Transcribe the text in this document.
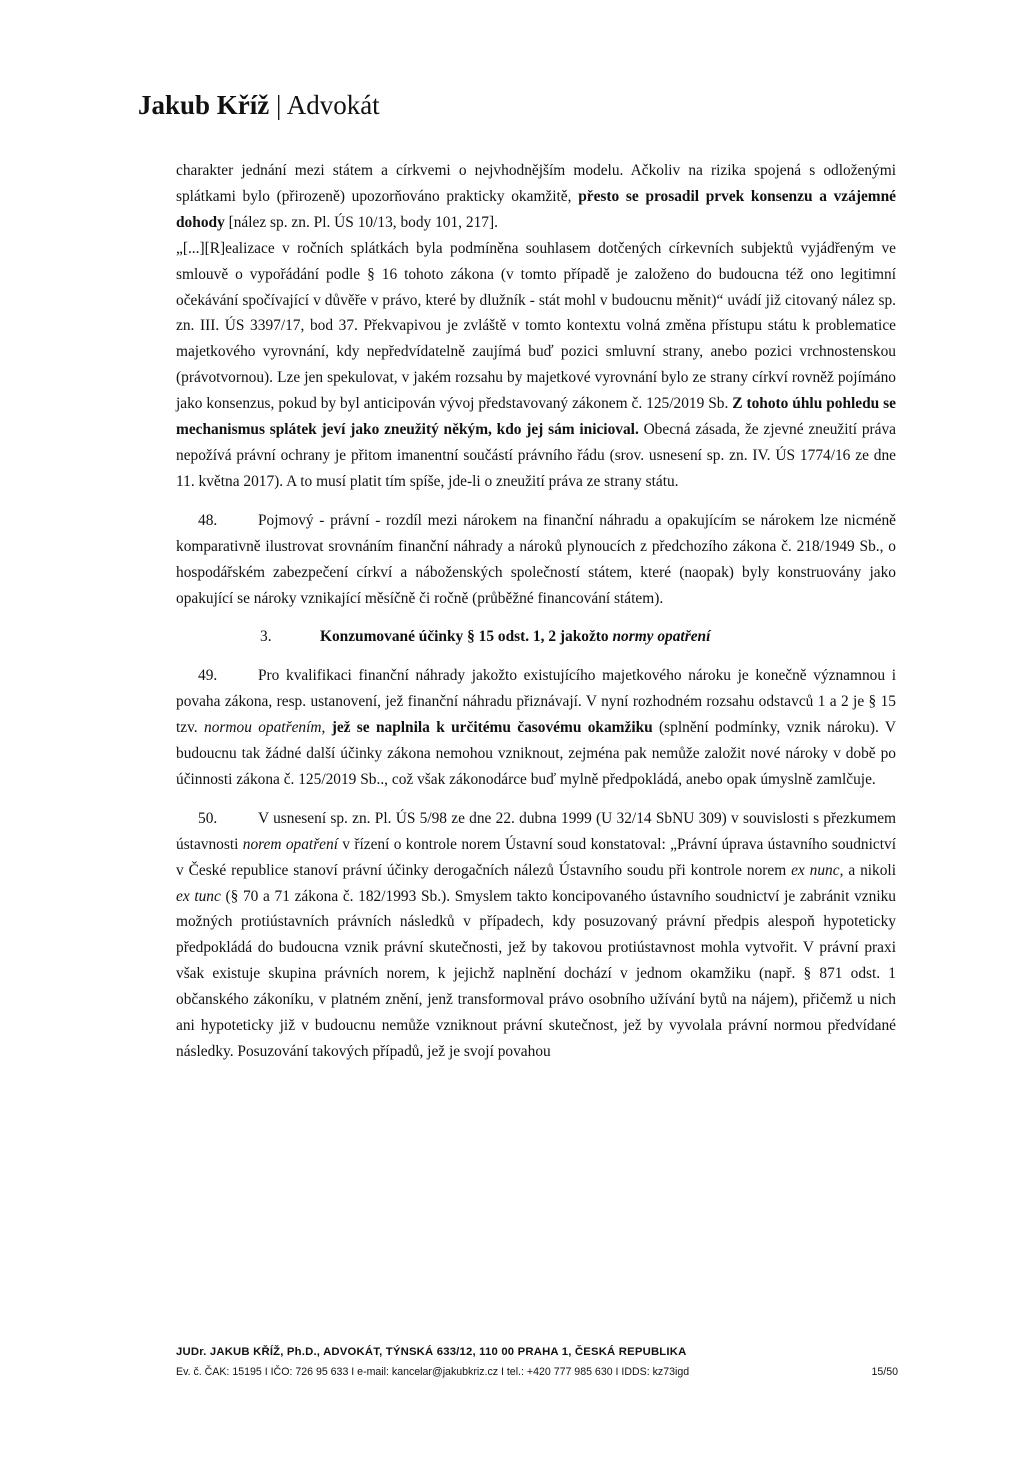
Jakub Kříž | Advokát

charakter jednání mezi státem a církvemi o nejvhodnějším modelu. Ačkoliv na rizika spojená s odloženými splátkami bylo (přirozeně) upozorňováno prakticky okamžitě, přesto se prosadil prvek konsenzu a vzájemné dohody [nález sp. zn. Pl. ÚS 10/13, body 101, 217].

„[...][R]ealizace v ročních splátkách byla podmíněna souhlasem dotčených církevních subjektů vyjádřeným ve smlouvě o vypořádání podle § 16 tohoto zákona (v tomto případě je založeno do budoucna též ono legitimní očekávání spočívající v důvěře v právo, které by dlužník - stát mohl v budoucnu měnit)“ uvádí již citovaný nález sp. zn. III. ÚS 3397/17, bod 37. Překvapivou je zvláště v tomto kontextu volná změna přístupu státu k problematice majetkového vyrovnání, kdy nepředvídatelně zaujímá buď pozici smluvní strany, anebo pozici vrchnostenskou (právotvornou). Lze jen spekulovat, v jakém rozsahu by majetkové vyrovnání bylo ze strany církví rovněž pojímáno jako konsenzus, pokud by byl anticipován vývoj představovaný zákonem č. 125/2019 Sb. Z tohoto úhlu pohledu se mechanismus splátek jeví jako zneužitý někým, kdo jej sám inicioval. Obecná zásada, že zjevné zneužití práva nepožívá právní ochrany je přitom imanentní součástí právního řádu (srov. usnesení sp. zn. IV. ÚS 1774/16 ze dne 11. května 2017). A to musí platit tím spíše, jde-li o zneužití práva ze strany státu.

48.	Pojmový - právní - rozdíl mezi nárokem na finanční náhradu a opakujícím se nárokem lze nicméně komparativně ilustrovat srovnáním finanční náhrady a nároků plynoucích z předchozího zákona č. 218/1949 Sb., o hospodářském zabezpečení církví a náboženských společností státem, které (naopak) byly konstruovány jako opakující se nároky vznikající měsíčně či ročně (průběžné financování státem).

3.	Konzumované účinky § 15 odst. 1, 2 jakožto normy opatření

49.	Pro kvalifikaci finanční náhrady jakožto existujícího majetkového nároku je konečně významnou i povaha zákona, resp. ustanovení, jež finanční náhradu přiznávají. V nyní rozhodném rozsahu odstavců 1 a 2 je § 15 tzv. normou opatřením, jež se naplnila k určitému časovému okamžiku (splnění podmínky, vznik nároku). V budoucnu tak žádné další účinky zákona nemohou vzniknout, zejména pak nemůže založit nové nároky v době po účinnosti zákona č. 125/2019 Sb.., což však zákonodárce buď mylně předpokládá, anebo opak úmyslně zamlčuje.

50.	V usnesení sp. zn. Pl. ÚS 5/98 ze dne 22. dubna 1999 (U 32/14 SbNU 309) v souvislosti s přezkumem ústavnosti norem opatření v řízení o kontrole norem Ústavní soud konstatoval: „Právní úprava ústavního soudnictví v České republice stanoví právní účinky derogačních nálezů Ústavního soudu při kontrole norem ex nunc, a nikoli ex tunc (§ 70 a 71 zákona č. 182/1993 Sb.). Smyslem takto koncipovaného ústavního soudnictví je zabránit vzniku možných protiústavních právních následků v případech, kdy posuzovaný právní předpis alespoň hypoteticky předpokládá do budoucna vznik právní skutečnosti, jež by takovou protiústavnost mohla vytvořit. V právní praxi však existuje skupina právních norem, k jejichž naplnění dochází v jednom okamžiku (např. § 871 odst. 1 občanského zákoníku, v platném znění, jenž transformoval právo osobního užívání bytů na nájem), přičemž u nich ani hypoteticky již v budoucnu nemůže vzniknout právní skutečnost, jež by vyvolala právní normou předvídané následky. Posuzování takových případů, jež je svojí povahou

JUDr. JAKUB KŘÍŽ, Ph.D., ADVOKÁT, TÝNSKÁ 633/12, 110 00 PRAHA 1, ČESKÁ REPUBLIKA
Ev. č. ČAK: 15195 I IČO: 726 95 633 I e-mail: kancelar@jakubkriz.cz I tel.: +420 777 985 630 I IDDS: kz73igd	15/50
